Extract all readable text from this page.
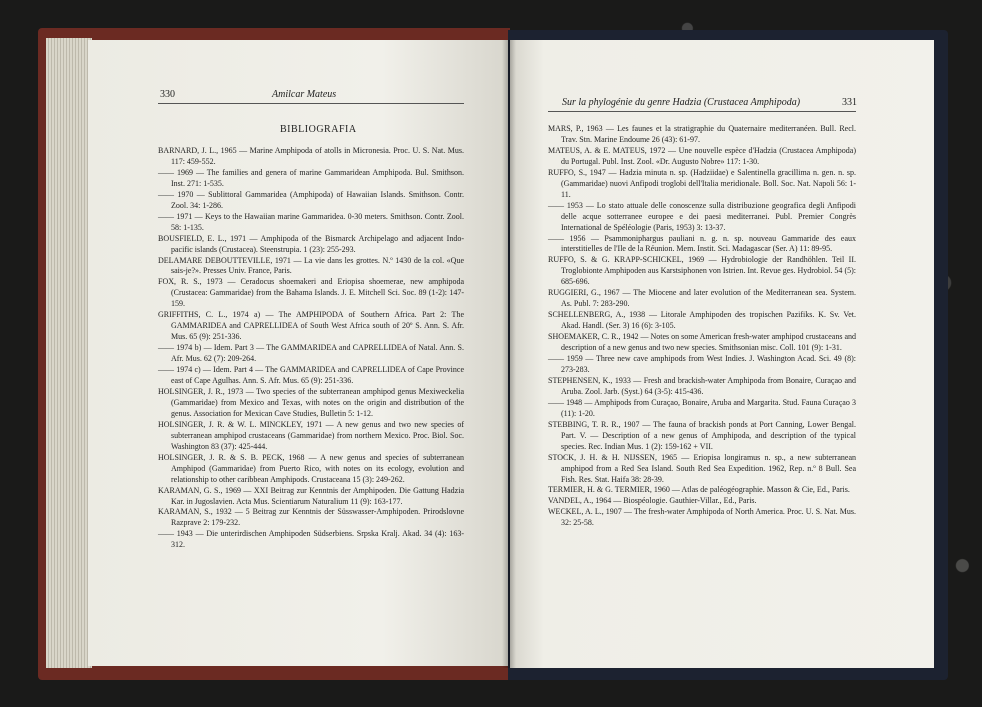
330	Amilcar Mateus
BIBLIOGRAFIA

BARNARD, J. L., 1965 — Marine Amphipoda of atolls in Micronesia. Proc. U. S. Nat. Mus. 117: 459-552.

—— 1969 — The families and genera of marine Gammaridean Amphipoda. Bul. Smithson. Inst. 271: 1-535.

—— 1970 — Sublittoral Gammaridea (Amphipoda) of Hawaiian Islands. Smithson. Contr. Zool. 34: 1-286.

—— 1971 — Keys to the Hawaiian marine Gammaridea. 0-30 meters. Smithson. Contr. Zool. 58: 1-135.

BOUSFIELD, E. L., 1971 — Amphipoda of the Bismarck Archipelago and adjacent Indo-pacific islands (Crustacea). Steenstrupia. 1 (23): 255-293.

DELAMARE DEBOUTTEVILLE, 1971 — La vie dans les grottes. N.º 1430 de la col. «Que sais-je?». Presses Univ. France, Paris.

FOX, R. S., 1973 — Ceradocus shoemakeri and Eriopisa shoemerae, new amphipoda (Crustacea: Gammaridae) from the Bahama Islands. J. E. Mitchell Sci. Soc. 89 (1-2): 147-159.

GRIFFITHS, C. L., 1974 a) — The AMPHIPODA of Southern Africa. Part 2: The GAMMARIDEA and CAPRELLIDEA of South West Africa south of 20º S. Ann. S. Afr. Mus. 65 (9): 251-336.

—— 1974 b) — Idem. Part 3 — The GAMMARIDEA and CAPRELLIDEA of Natal. Ann. S. Afr. Mus. 62 (7): 209-264.

—— 1974 c) — Idem. Part 4 — The GAMMARIDEA and CAPRELLIDEA of Cape Province east of Cape Agulhas. Ann. S. Afr. Mus. 65 (9): 251-336.

HOLSINGER, J. R., 1973 — Two species of the subterranean amphipod genus Mexiweckelia (Gammaridae) from Mexico and Texas, with notes on the origin and distribution of the genus. Association for Mexican Cave Studies, Bulletin 5: 1-12.

HOLSINGER, J. R. & W. L. MINCKLEY, 1971 — A new genus and two new species of subterranean amphipod crustaceans (Gammaridae) from northern Mexico. Proc. Biol. Soc. Washington 83 (37): 425-444.

HOLSINGER, J. R. & S. B. PECK, 1968 — A new genus and species of subterranean Amphipod (Gammaridae) from Puerto Rico, with notes on its ecology, evolution and relationship to other caribbean Amphipods. Crustaceana 15 (3): 249-262.

KARAMAN, G. S., 1969 — XXI Beitrag zur Kenntnis der Amphipoden. Die Gattung Hadzia Kar. in Jugoslavien. Acta Mus. Scientiarum Naturalium 11 (9): 163-177.

KARAMAN, S., 1932 — 5 Beitrag zur Kenntnis der Süsswasser-Amphipoden. Prirodslovne Razprave 2: 179-232.

—— 1943 — Die unterirdischen Amphipoden Südserbiens. Srpska Kralj. Akad. 34 (4): 163-312.

Sur la phylogénie du genre Hadzia (Crustacea Amphipoda)	331

MARS, P., 1963 — Les faunes et la stratigraphie du Quaternaire mediterranéen. Bull. Recl. Trav. Stn. Marine Endoume 26 (43): 61-97.

MATEUS, A. & E. MATEUS, 1972 — Une nouvelle espèce d'Hadzia (Crustacea Amphipoda) du Portugal. Publ. Inst. Zool. «Dr. Augusto Nobre» 117: 1-30.

RUFFO, S., 1947 — Hadzia minuta n. sp. (Hadziidae) e Salentinella gracillima n. gen. n. sp. (Gammaridae) nuovi Anfipodi troglobi dell'Italia meridionale. Boll. Soc. Nat. Napoli 56: 1-11.

—— 1953 — Lo stato attuale delle conoscenze sulla distribuzione geografica degli Anfipodi delle acque sotterranee europee e dei paesi mediterranei. Publ. Premier Congrès International de Spéléologie (Paris, 1953) 3: 13-37.

—— 1956 — Psammoniphargus pauliani n. g. n. sp. nouveau Gammaride des eaux interstitielles de l'Ile de la Réunion. Mem. Instit. Sci. Madagascar (Ser. A) 11: 89-95.

RUFFO, S. & G. KRAPP-SCHICKEL, 1969 — Hydrobiologie der Randhöhlen. Teil II. Troglobionte Amphipoden aus Karstsiphonen von Istrien. Int. Revue ges. Hydrobiol. 54 (5): 685-696.

RUGGIERI, G., 1967 — The Miocene and later evolution of the Mediterranean sea. System. As. Publ. 7: 283-290.

SCHELLENBERG, A., 1938 — Litorale Amphipoden des tropischen Pazifiks. K. Sv. Vet. Akad. Handl. (Ser. 3) 16 (6): 3-105.

SHOEMAKER, C. R., 1942 — Notes on some American fresh-water amphipod crustaceans and description of a new genus and two new species. Smithsonian misc. Coll. 101 (9): 1-31.

—— 1959 — Three new cave amphipods from West Indies. J. Washington Acad. Sci. 49 (8): 273-283.

STEPHENSEN, K., 1933 — Fresh and brackish-water Amphipoda from Bonaire, Curaçao and Aruba. Zool. Jarb. (Syst.) 64 (3-5): 415-436.

—— 1948 — Amphipods from Curaçao, Bonaire, Aruba and Margarita. Stud. Fauna Curaçao 3 (11): 1-20.

STEBBING, T. R. R., 1907 — The fauna of brackish ponds at Port Canning, Lower Bengal. Part. V. — Description of a new genus of Amphipoda, and description of the typical species. Rec. Indian Mus. 1 (2): 159-162 + VII.

STOCK, J. H. & H. NIJSSEN, 1965 — Eriopisa longiramus n. sp., a new subterranean amphipod from a Red Sea Island. South Red Sea Expedition. 1962, Rep. n.º 8 Bull. Sea Fish. Res. Stat. Haifa 38: 28-39.

TERMIER, H. & G. TERMIER, 1960 — Atlas de paléogéographie. Masson & Cie, Ed., Paris.

VANDEL, A., 1964 — Biospéologie. Gauthier-Villar., Ed., Paris.

WECKEL, A. L., 1907 — The fresh-water Amphipoda of North America. Proc. U. S. Nat. Mus. 32: 25-58.
